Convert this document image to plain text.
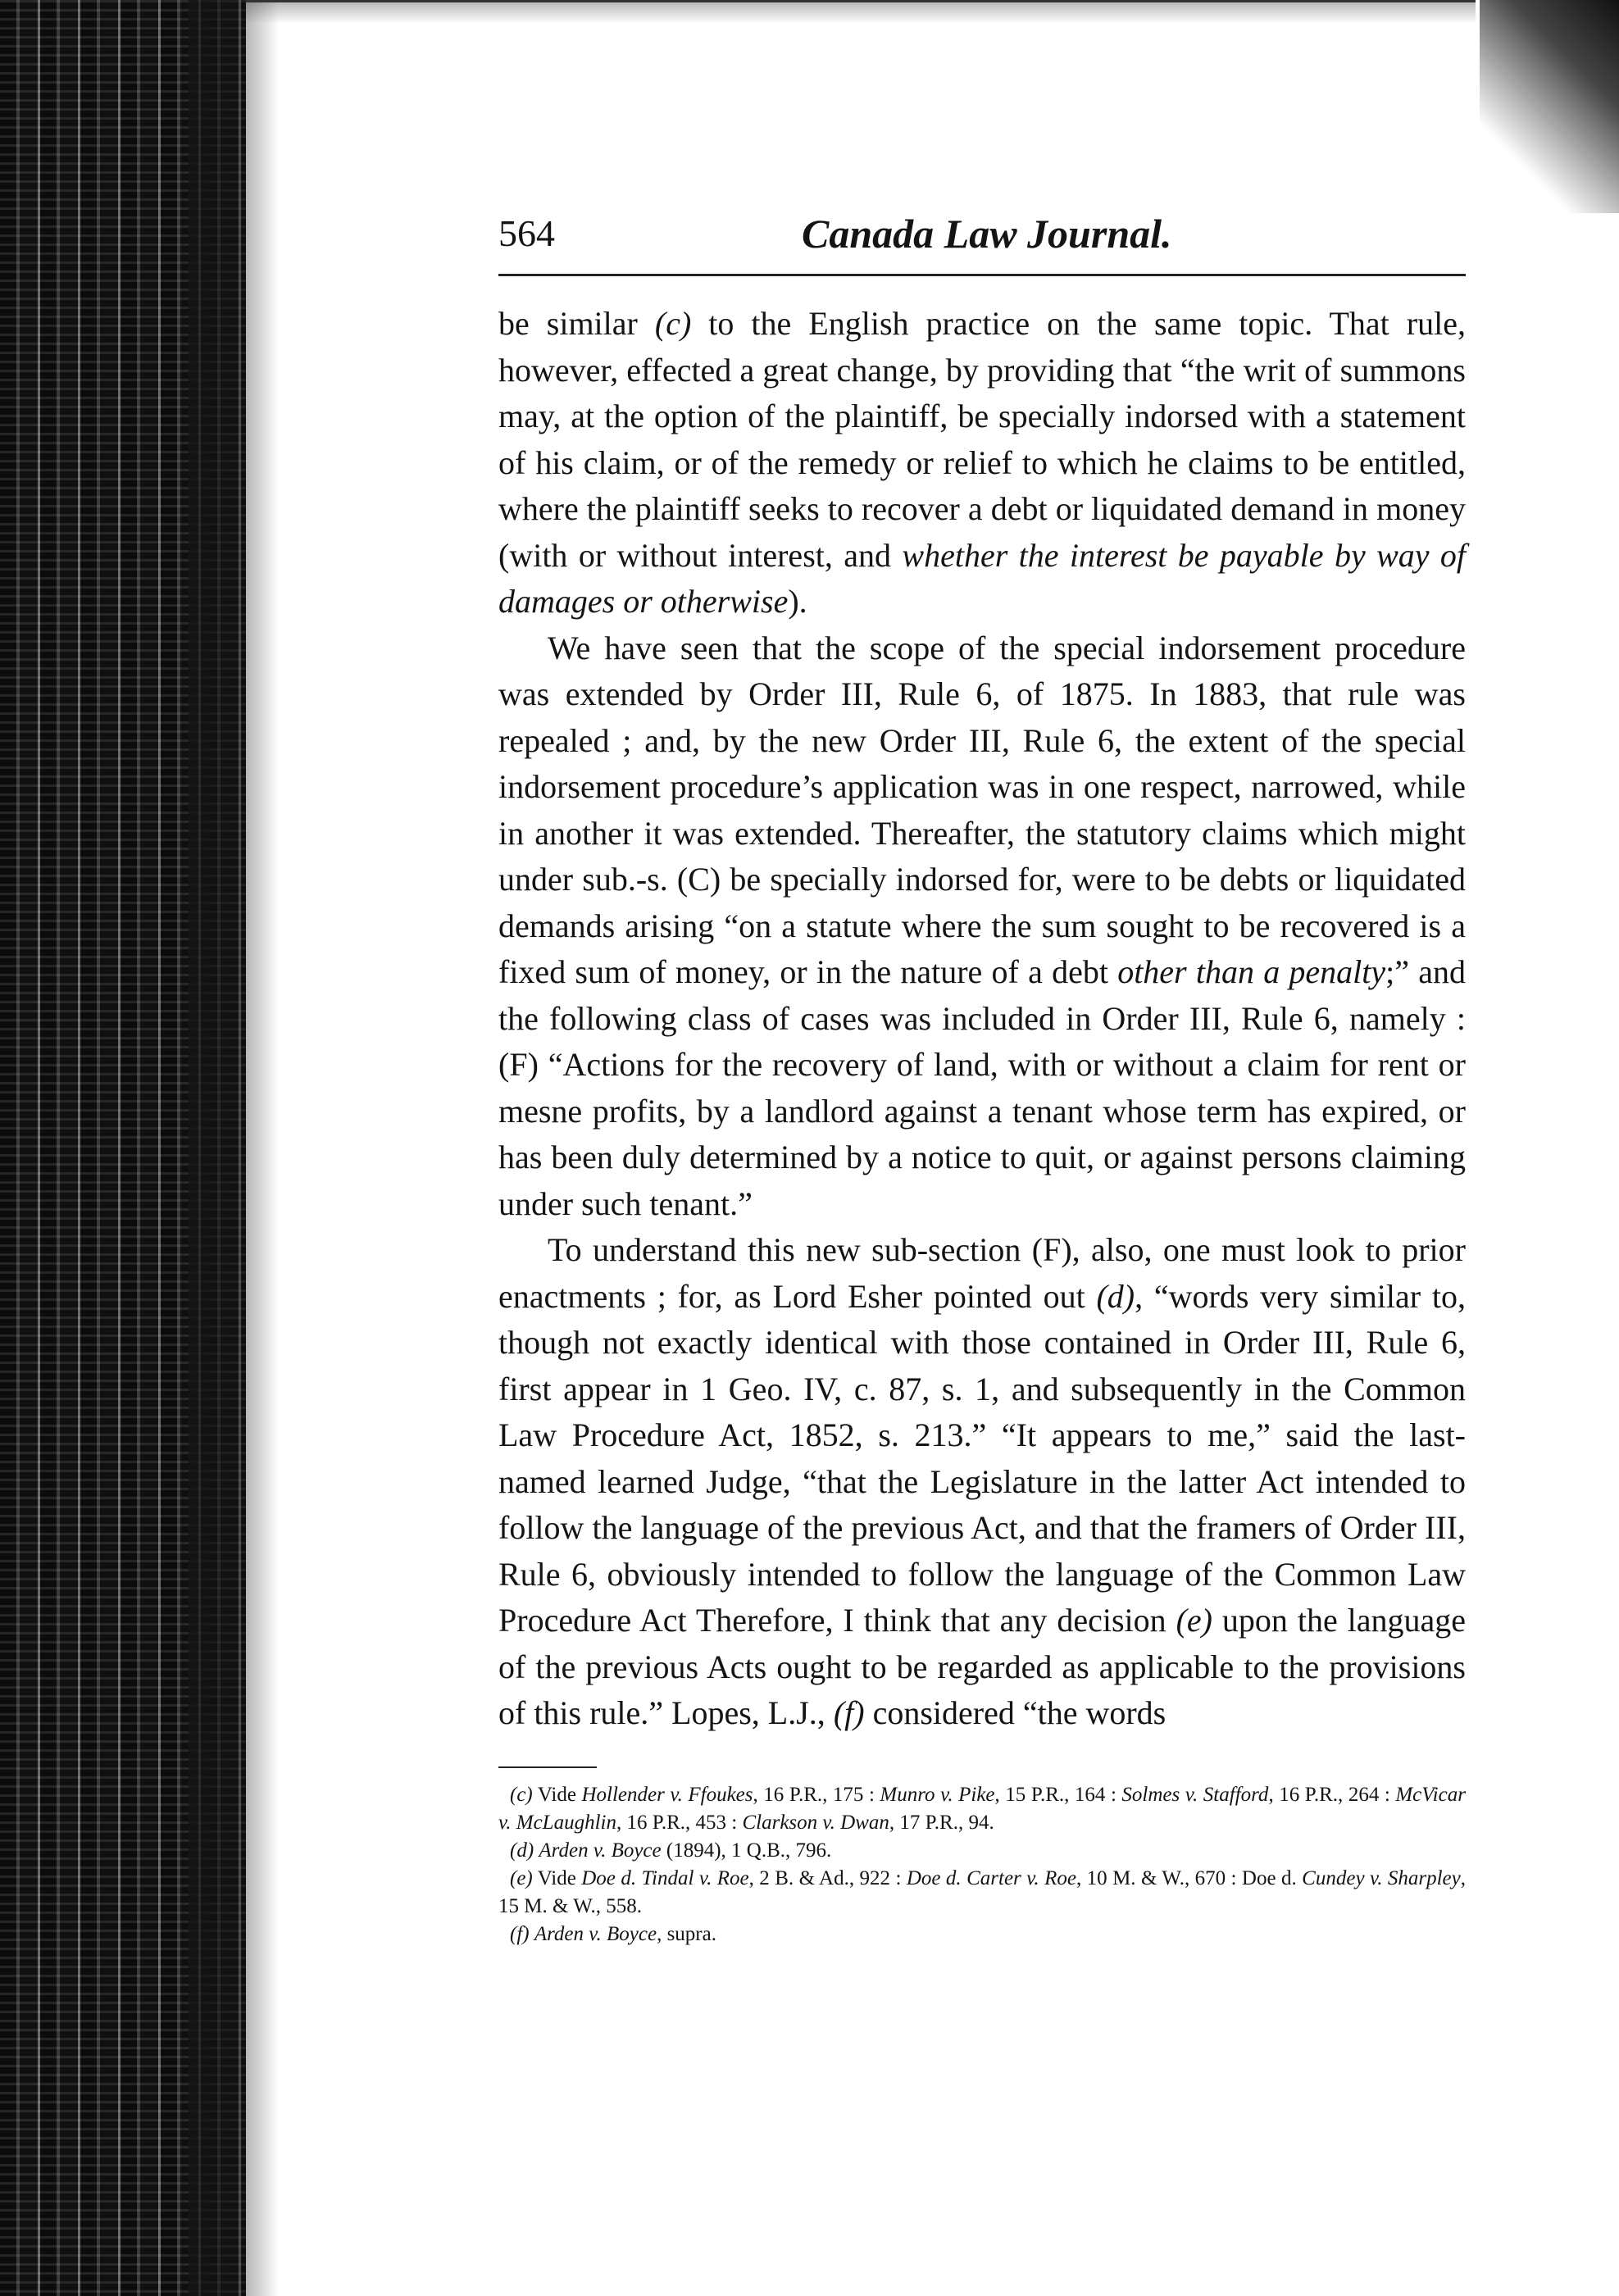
564	Canada Law Journal.

be similar (c) to the English practice on the same topic. That rule, however, effected a great change, by providing that “the writ of summons may, at the option of the plaintiff, be specially indorsed with a statement of his claim, or of the remedy or relief to which he claims to be entitled, where the plaintiff seeks to recover a debt or liquidated demand in money (with or without interest, and whether the interest be payable by way of damages or otherwise).

We have seen that the scope of the special indorsement procedure was extended by Order III, Rule 6, of 1875. In 1883, that rule was repealed ; and, by the new Order III, Rule 6, the extent of the special indorsement procedure’s application was in one respect, narrowed, while in another it was extended. Thereafter, the statutory claims which might under sub.-s. (C) be specially indorsed for, were to be debts or liquidated demands arising “on a statute where the sum sought to be recovered is a fixed sum of money, or in the nature of a debt other than a penalty;” and the following class of cases was included in Order III, Rule 6, namely : (F) “Actions for the recovery of land, with or without a claim for rent or mesne profits, by a landlord against a tenant whose term has expired, or has been duly determined by a notice to quit, or against persons claiming under such tenant.”

To understand this new sub-section (F), also, one must look to prior enactments ; for, as Lord Esher pointed out (d), “words very similar to, though not exactly identical with those contained in Order III, Rule 6, first appear in 1 Geo. IV, c. 87, s. 1, and subsequently in the Common Law Procedure Act, 1852, s. 213.” “It appears to me,” said the last-named learned Judge, “that the Legislature in the latter Act intended to follow the language of the previous Act, and that the framers of Order III, Rule 6, obviously intended to follow the language of the Common Law Procedure Act Therefore, I think that any decision (e) upon the language of the previous Acts ought to be regarded as applicable to the provisions of this rule.” Lopes, L.J., (f) considered “the words

(c) Vide Hollender v. Ffoukes, 16 P.R., 175 : Munro v. Pike, 15 P.R., 164 : Solmes v. Stafford, 16 P.R., 264 : McVicar v. McLaughlin, 16 P.R., 453 : Clarkson v. Dwan, 17 P.R., 94.

(d) Arden v. Boyce (1894), 1 Q.B., 796.

(e) Vide Doe d. Tindal v. Roe, 2 B. & Ad., 922 : Doe d. Carter v. Roe, 10 M. & W., 670 : Doe d. Cundey v. Sharpley, 15 M. & W., 558.

(f) Arden v. Boyce, supra.
